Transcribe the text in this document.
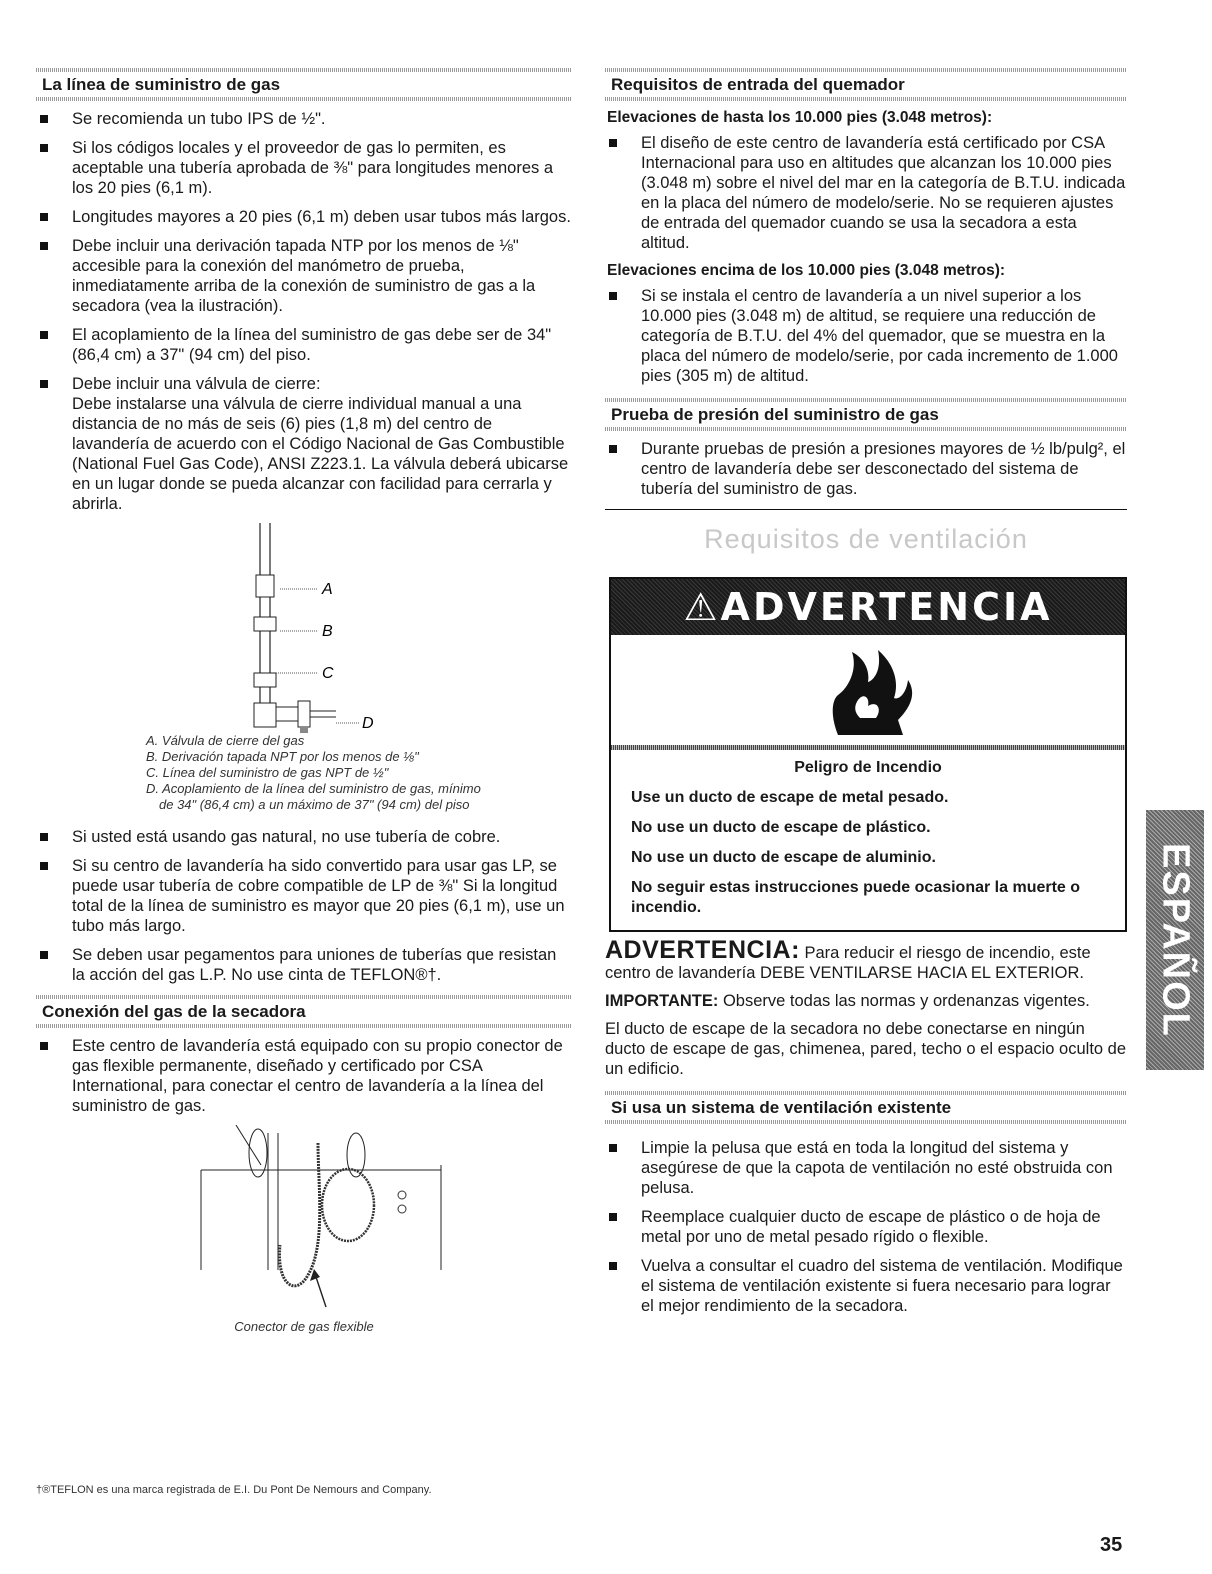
La línea de suministro de gas
Se recomienda un tubo IPS de ½".
Si los códigos locales y el proveedor de gas lo permiten, es aceptable una tubería aprobada de ⅜" para longitudes menores a los 20 pies (6,1 m).
Longitudes mayores a 20 pies (6,1 m) deben usar tubos más largos.
Debe incluir una derivación tapada NTP por los menos de ⅛" accesible para la conexión del manómetro de prueba, inmediatamente arriba de la conexión de suministro de gas a la secadora (vea la ilustración).
El acoplamiento de la línea del suministro de gas debe ser de 34" (86,4 cm) a 37" (94 cm) del piso.
Debe incluir una válvula de cierre:
Debe instalarse una válvula de cierre individual manual a una distancia de no más de seis (6) pies (1,8 m) del centro de lavandería de acuerdo con el Código Nacional de Gas Combustible (National Fuel Gas Code), ANSI Z223.1. La válvula deberá ubicarse en un lugar donde se pueda alcanzar con facilidad para cerrarla y abrirla.
A
B
C
D
A. Válvula de cierre del gas
B. Derivación tapada NPT por los menos de ⅛"
C. Línea del suministro de gas NPT de ½"
D. Acoplamiento de la línea del suministro de gas, mínimo
de 34" (86,4 cm) a un máximo de 37" (94 cm) del piso
Si usted está usando gas natural, no use tubería de cobre.
Si su centro de lavandería ha sido convertido para usar gas LP, se puede usar tubería de cobre compatible de LP de ⅜" Si la longitud total de la línea de suministro es mayor que 20 pies (6,1 m), use un tubo más largo.
Se deben usar pegamentos para uniones de tuberías que resistan la acción del gas L.P. No use cinta de TEFLON®†.
Conexión del gas de la secadora
Este centro de lavandería está equipado con su propio conector de gas flexible permanente, diseñado y certificado por CSA International, para conectar el centro de lavandería a la línea del suministro de gas.
Conector de gas flexible
Requisitos de entrada del quemador
Elevaciones de hasta los 10.000 pies (3.048 metros):
El diseño de este centro de lavandería está certificado por CSA Internacional para uso en altitudes que alcanzan los 10.000 pies (3.048 m) sobre el nivel del mar en la categoría de B.T.U. indicada en la placa del número de modelo/serie. No se requieren ajustes de entrada del quemador cuando se usa la secadora a esta altitud.
Elevaciones encima de los 10.000 pies (3.048 metros):
Si se instala el centro de lavandería a un nivel superior a los 10.000 pies (3.048 m) de altitud, se requiere una reducción de categoría de B.T.U. del 4% del quemador, que se muestra en la placa del número de modelo/serie, por cada incremento de 1.000 pies (305 m) de altitud.
Prueba de presión del suministro de gas
Durante pruebas de presión a presiones mayores de ½ lb/pulg², el centro de lavandería debe ser desconectado del sistema de tubería del suministro de gas.
Requisitos de ventilación
⚠ADVERTENCIA

Peligro de Incendio

Use un ducto de escape de metal pesado.

No use un ducto de escape de plástico.

No use un ducto de escape de aluminio.

No seguir estas instrucciones puede ocasionar la muerte o incendio.

ADVERTENCIA: Para reducir el riesgo de incendio, este centro de lavandería DEBE VENTILARSE HACIA EL EXTERIOR.

IMPORTANTE: Observe todas las normas y ordenanzas vigentes.

El ducto de escape de la secadora no debe conectarse en ningún ducto de escape de gas, chimenea, pared, techo o el espacio oculto de un edificio.

Si usa un sistema de ventilación existente
Limpie la pelusa que está en toda la longitud del sistema y asegúrese de que la capota de ventilación no esté obstruida con pelusa.
Reemplace cualquier ducto de escape de plástico o de hoja de metal por uno de metal pesado rígido o flexible.
Vuelva a consultar el cuadro del sistema de ventilación. Modifique el sistema de ventilación existente si fuera necesario para lograr el mejor rendimiento de la secadora.
ESPAÑOL
†®TEFLON es una marca registrada de E.I. Du Pont De Nemours and Company.
35
